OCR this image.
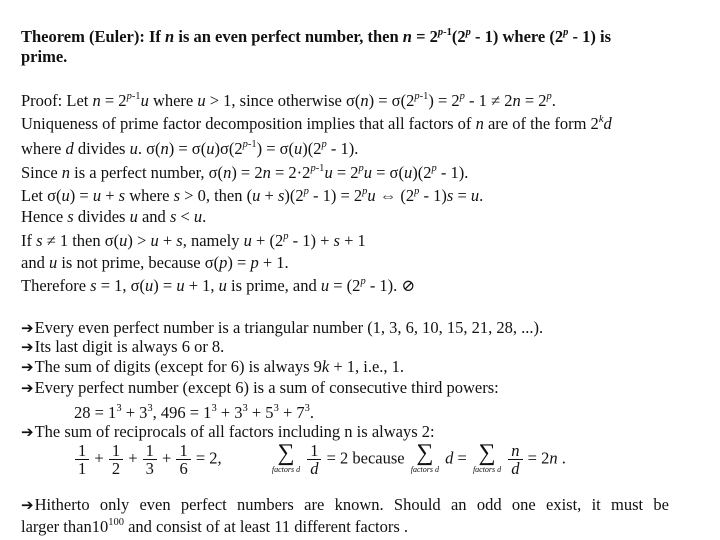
Theorem (Euler): If n is an even perfect number, then $n = 2^{p-1}(2^p - 1)$ where (2$^p$ - 1) is
prime.
Proof: Let $n = 2^{p-1}u$ where u > 1, since otherwise $\sigma(n) = \sigma(2^{p-1}) = 2^p - 1 \ne 2n = 2^p$.
Uniqueness of prime factor decomposition implies that all factors of n are of the form 2$^k$d
where d divides u. $\sigma(n) = \sigma(u)\sigma(2^{p-1}) = \sigma(u)(2^p - 1)$.
Since n is a perfect number, $\sigma(n) = 2n = 2\cdot 2^{p-1}u = 2^pu = \sigma(u)(2^p - 1)$.
Let σ(u) = u + s where s > 0, then $(u + s)(2^p - 1) = 2^pu$ ⇔ (2$^p$ - 1)s = u.
Hence s divides u and s < u.
If s ≠ 1 then σ(u) > u + s, namely $u + (2^p - 1) + s + 1$
and u is not prime, because σ(p) = p + 1.
Therefore s = 1, σ(u) = u + 1, u is prime, and $u = (2^p - 1)$. ⊘
➔Every even perfect number is a triangular number (1, 3, 6, 10, 15, 21, 28, ...).
➔Its last digit is always 6 or 8.
➔The sum of digits (except for 6) is always 9k + 1, i.e., 1.
➔Every perfect number (except 6) is a sum of consecutive third powers:
$28 = 1^3 + 3^3$, $496 = 1^3 + 3^3 + 5^3 + 7^3$.
➔The sum of reciprocals of all factors including n is always 2:
$\frac{1}{1} + \frac{1}{2} + \frac{1}{3} + \frac{1}{6} = 2$, ∑
factors d
$\frac{1}{d} = 2$ because ∑
factors d
d = ∑
factors d
$\frac{n}{d} = 2n$ .
➔Hitherto only even perfect numbers are known. Should an odd one exist, it must be
larger $than10^{100}$ and consist of at least 11 different factors .
